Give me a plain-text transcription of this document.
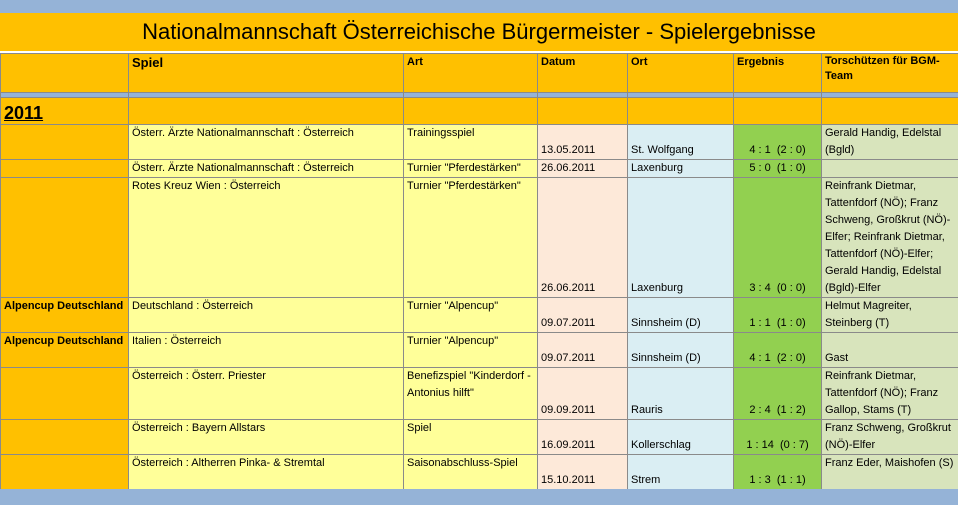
Nationalmannschaft Österreichische Bürgermeister - Spielergebnisse
	Spiel	Art	Datum	Ort	Ergebnis	Torschützen für BGM-Team

2011						
	Österr. Ärzte Nationalmannschaft : Österreich	Trainingsspiel	13.05.2011	St. Wolfgang	4 : 1  (2 : 0)	Gerald Handig, Edelstal (Bgld)
	Österr. Ärzte Nationalmannschaft : Österreich	Turnier "Pferdestärken"	26.06.2011	Laxenburg	5 : 0  (1 : 0)	
	Rotes Kreuz Wien : Österreich	Turnier "Pferdestärken"	26.06.2011	Laxenburg	3 : 4  (0 : 0)	Reinfrank Dietmar, Tattenfdorf (NÖ); Franz Schweng, Großkrut (NÖ)-Elfer; Reinfrank Dietmar, Tattenfdorf (NÖ)-Elfer; Gerald Handig, Edelstal (Bgld)-Elfer
Alpencup Deutschland	Deutschland : Österreich	Turnier "Alpencup"	09.07.2011	Sinnsheim (D)	1 : 1  (1 : 0)	Helmut Magreiter, Steinberg (T)
Alpencup Deutschland	Italien : Österreich	Turnier "Alpencup"	09.07.2011	Sinnsheim (D)	4 : 1  (2 : 0)	Gast
	Österreich : Österr. Priester	Benefizspiel "Kinderdorf - Antonius hilft"	09.09.2011	Rauris	2 : 4  (1 : 2)	Reinfrank Dietmar, Tattenfdorf (NÖ); Franz Gallop, Stams (T)
	Österreich : Bayern Allstars	Spiel	16.09.2011	Kollerschlag	1 : 14  (0 : 7)	Franz Schweng, Großkrut (NÖ)-Elfer
	Österreich : Altherren Pinka- & Stremtal	Saisonabschluss-Spiel	15.10.2011	Strem	1 : 3  (1 : 1)	Franz Eder, Maishofen (S)
